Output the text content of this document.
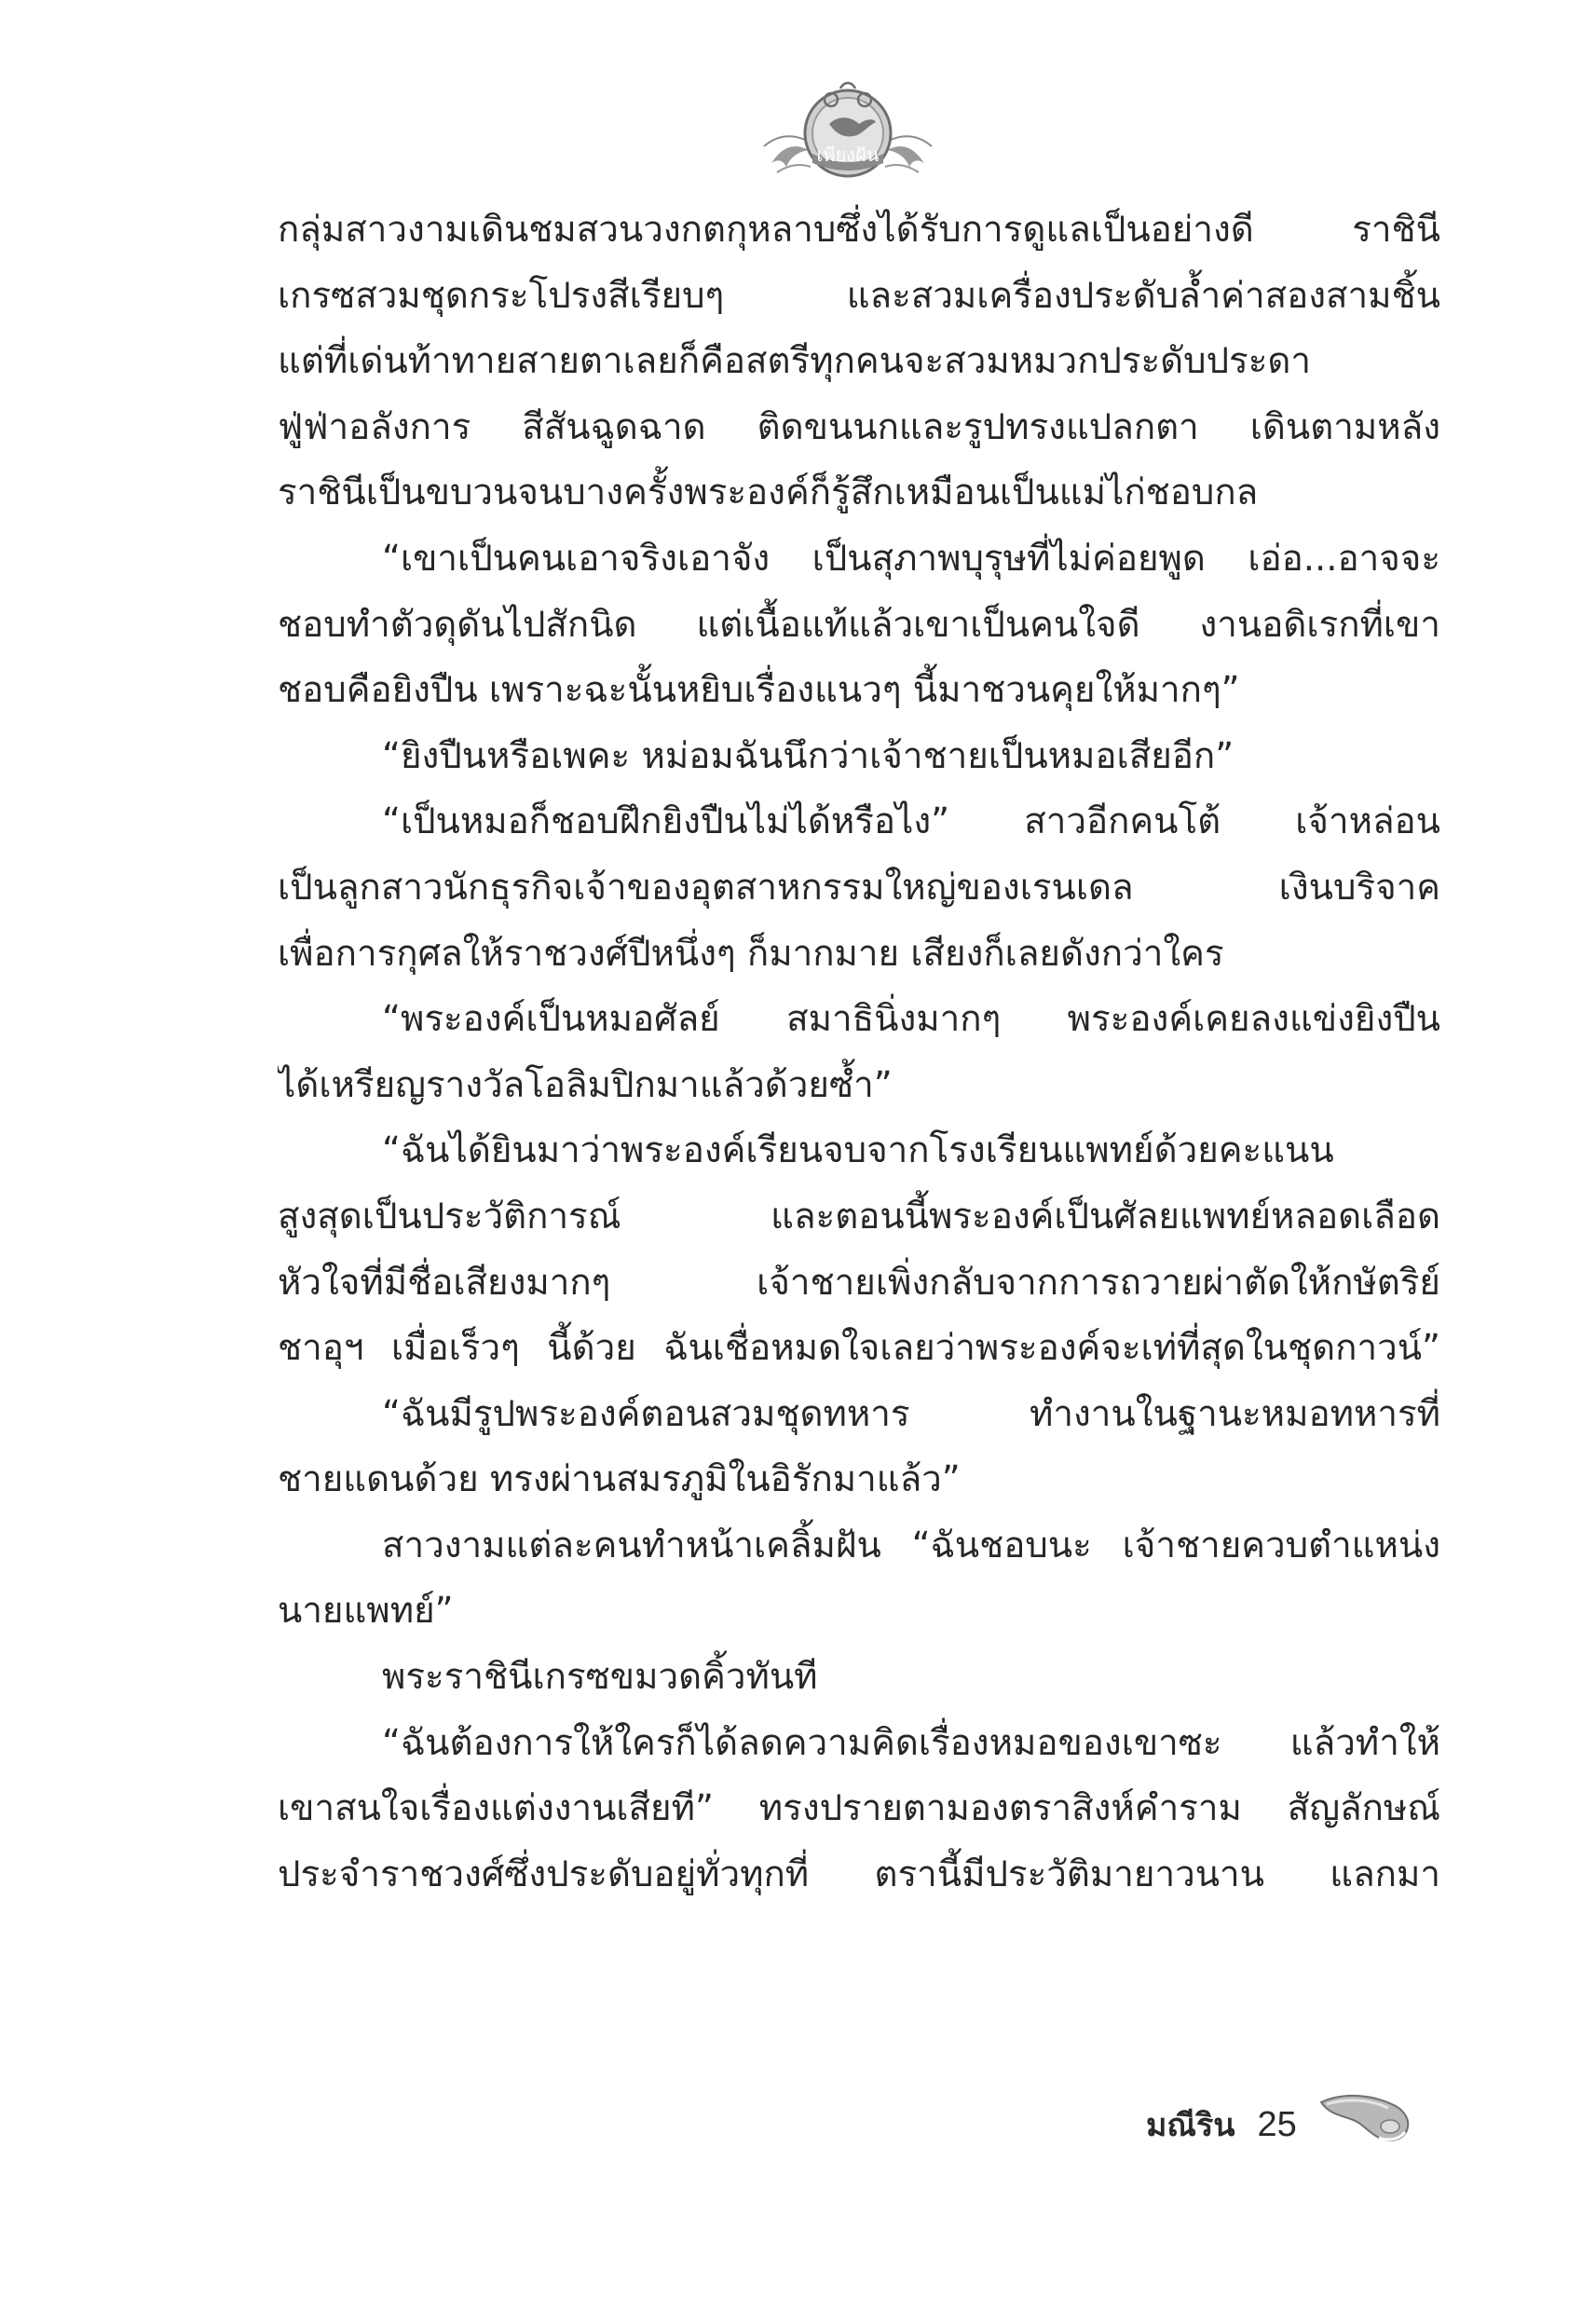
เพียงฝัน
กลุ่มสาวงามเดินชมสวนวงกตกุหลาบซึ่งได้รับการดูแลเป็นอย่างดี ราชินี
เกรซสวมชุดกระโปรงสีเรียบๆ และสวมเครื่องประดับล้ำค่าสองสามชิ้น
แต่ที่เด่นท้าทายสายตาเลยก็คือสตรีทุกคนจะสวมหมวกประดับประดา
ฟู่ฟ่าอลังการ สีสันฉูดฉาด ติดขนนกและรูปทรงแปลกตา เดินตามหลัง
ราชินีเป็นขบวนจนบางครั้งพระองค์ก็รู้สึกเหมือนเป็นแม่ไก่ชอบกล
“เขาเป็นคนเอาจริงเอาจัง เป็นสุภาพบุรุษที่ไม่ค่อยพูด เอ่อ...อาจจะ
ชอบทำตัวดุดันไปสักนิด แต่เนื้อแท้แล้วเขาเป็นคนใจดี งานอดิเรกที่เขา
ชอบคือยิงปืน เพราะฉะนั้นหยิบเรื่องแนวๆ นี้มาชวนคุยให้มากๆ”
“ยิงปืนหรือเพคะ หม่อมฉันนึกว่าเจ้าชายเป็นหมอเสียอีก”
“เป็นหมอก็ชอบฝึกยิงปืนไม่ได้หรือไง” สาวอีกคนโต้ เจ้าหล่อน
เป็นลูกสาวนักธุรกิจเจ้าของอุตสาหกรรมใหญ่ของเรนเดล เงินบริจาค
เพื่อการกุศลให้ราชวงศ์ปีหนึ่งๆ ก็มากมาย เสียงก็เลยดังกว่าใคร
“พระองค์เป็นหมอศัลย์ สมาธินิ่งมากๆ พระองค์เคยลงแข่งยิงปืน
ได้เหรียญรางวัลโอลิมปิกมาแล้วด้วยซ้ำ”
“ฉันได้ยินมาว่าพระองค์เรียนจบจากโรงเรียนแพทย์ด้วยคะแนน
สูงสุดเป็นประวัติการณ์ และตอนนี้พระองค์เป็นศัลยแพทย์หลอดเลือด
หัวใจที่มีชื่อเสียงมากๆ เจ้าชายเพิ่งกลับจากการถวายผ่าตัดให้กษัตริย์
ชาอุฯ เมื่อเร็วๆ นี้ด้วย ฉันเชื่อหมดใจเลยว่าพระองค์จะเท่ที่สุดในชุดกาวน์”
“ฉันมีรูปพระองค์ตอนสวมชุดทหาร ทำงานในฐานะหมอทหารที่
ชายแดนด้วย ทรงผ่านสมรภูมิในอิรักมาแล้ว”
สาวงามแต่ละคนทำหน้าเคลิ้มฝัน “ฉันชอบนะ เจ้าชายควบตำแหน่ง
นายแพทย์”
พระราชินีเกรซขมวดคิ้วทันที
“ฉันต้องการให้ใครก็ได้ลดความคิดเรื่องหมอของเขาซะ แล้วทำให้
เขาสนใจเรื่องแต่งงานเสียที” ทรงปรายตามองตราสิงห์คำราม สัญลักษณ์
ประจำราชวงศ์ซึ่งประดับอยู่ทั่วทุกที่ ตรานี้มีประวัติมายาวนาน แลกมา
มณีริน 25
